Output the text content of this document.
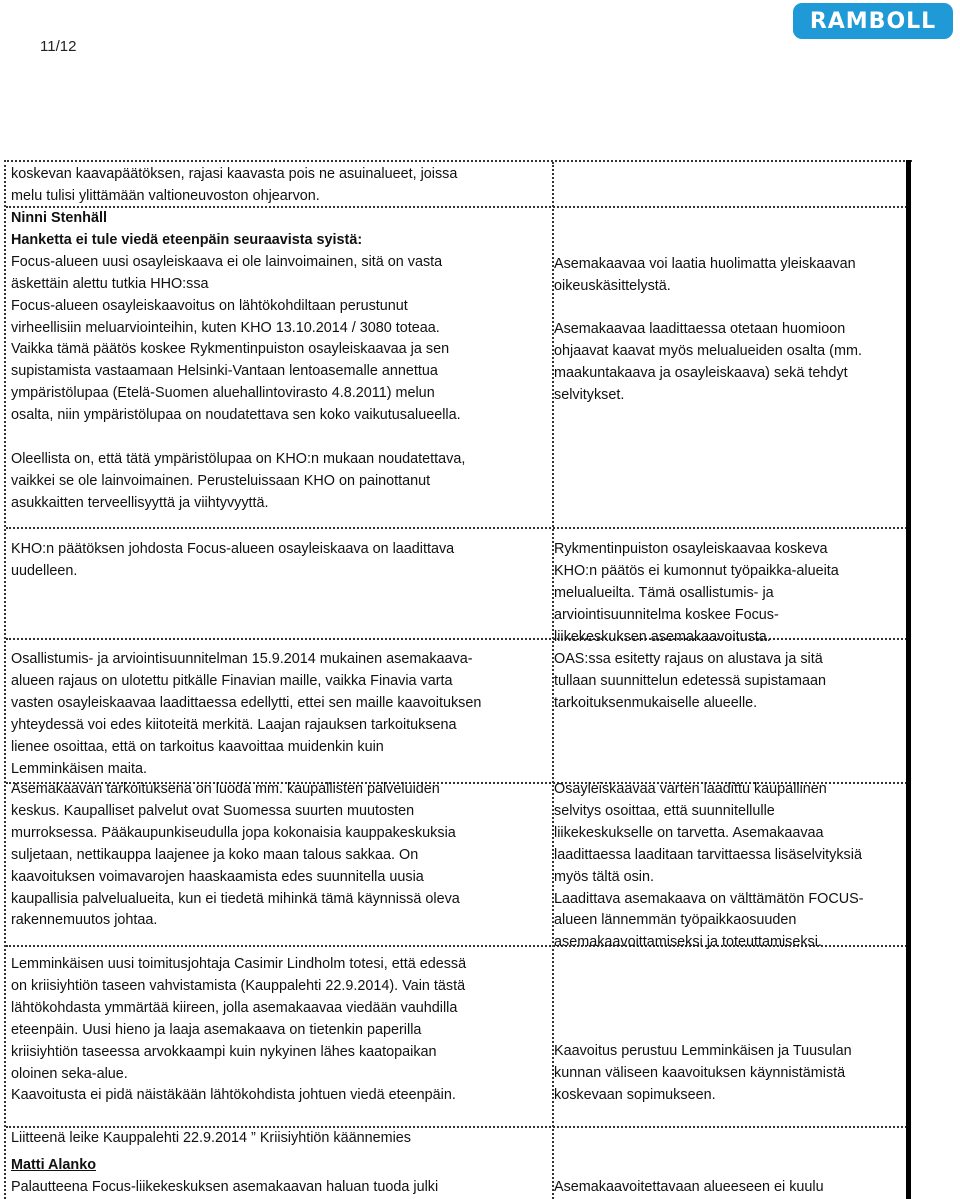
11/12
RAMBOLL

koskevan kaavapäätöksen, rajasi kaavasta pois ne asuinalueet, joissa

melu tulisi ylittämään valtioneuvoston ohjearvon.

Ninni Stenhäll

Hanketta ei tule viedä eteenpäin seuraavista syistä:

Focus-alueen uusi osayleiskaava ei ole lainvoimainen, sitä on vasta

äskettäin alettu tutkia HHO:ssa

Focus-alueen osayleiskaavoitus on lähtökohdiltaan perustunut

virheellisiin meluarviointeihin, kuten KHO 13.10.2014 / 3080 toteaa.

Vaikka tämä päätös koskee Rykmentinpuiston osayleiskaavaa ja sen

supistamista vastaamaan Helsinki-Vantaan lentoasemalle annettua

ympäristölupaa (Etelä-Suomen aluehallintovirasto 4.8.2011) melun

osalta, niin ympäristölupaa on noudatettava sen koko vaikutusalueella.

Oleellista on, että tätä ympäristölupaa on KHO:n mukaan noudatettava,

vaikkei se ole lainvoimainen. Perusteluissaan KHO on painottanut

asukkaitten terveellisyyttä ja viihtyvyyttä.

Asemakaavaa voi laatia huolimatta yleiskaavan

oikeuskäsittelystä.

Asemakaavaa laadittaessa otetaan huomioon

ohjaavat kaavat myös melualueiden osalta (mm.

maakuntakaava ja osayleiskaava) sekä tehdyt

selvitykset.

KHO:n päätöksen johdosta Focus-alueen osayleiskaava on laadittava

uudelleen.

Rykmentinpuiston osayleiskaavaa koskeva

KHO:n päätös ei kumonnut työpaikka-alueita

melualueilta. Tämä osallistumis- ja

arviointisuunnitelma koskee Focus-

liikekeskuksen asemakaavoitusta.

Osallistumis- ja arviointisuunnitelman 15.9.2014 mukainen asemakaava-

alueen rajaus on ulotettu pitkälle Finavian maille, vaikka Finavia varta

vasten osayleiskaavaa laadittaessa edellytti, ettei sen maille kaavoituksen

yhteydessä voi edes kiitoteitä merkitä. Laajan rajauksen tarkoituksena

lienee osoittaa, että on tarkoitus kaavoittaa muidenkin kuin

Lemminkäisen maita.

OAS:ssa esitetty rajaus on alustava ja sitä

tullaan suunnittelun edetessä supistamaan

tarkoituksenmukaiselle alueelle.

Asemakaavan tarkoituksena on luoda mm. kaupallisten palveluiden

keskus. Kaupalliset palvelut ovat Suomessa suurten muutosten

murroksessa. Pääkaupunkiseudulla jopa kokonaisia kauppakeskuksia

suljetaan, nettikauppa laajenee ja koko maan talous sakkaa. On

kaavoituksen voimavarojen haaskaamista edes suunnitella uusia

kaupallisia palvelualueita, kun ei tiedetä mihinkä tämä käynnissä oleva

rakennemuutos johtaa.

Osayleiskaavaa varten laadittu kaupallinen

selvitys osoittaa, että suunnitellulle

liikekeskukselle on tarvetta. Asemakaavaa

laadittaessa laaditaan tarvittaessa lisäselvityksiä

myös tältä osin.

Laadittava asemakaava on välttämätön FOCUS-

alueen lännemmän työpaikkaosuuden

asemakaavoittamiseksi ja toteuttamiseksi.

Lemminkäisen uusi toimitusjohtaja Casimir Lindholm totesi, että edessä

on kriisiyhtiön taseen vahvistamista (Kauppalehti 22.9.2014). Vain tästä

lähtökohdasta ymmärtää kiireen, jolla asemakaavaa viedään vauhdilla

eteenpäin. Uusi hieno ja laaja asemakaava on tietenkin paperilla

kriisiyhtiön taseessa arvokkaampi kuin nykyinen lähes kaatopaikan

oloinen seka-alue.

Kaavoitusta ei pidä näistäkään lähtökohdista johtuen viedä eteenpäin.

Kaavoitus perustuu Lemminkäisen ja Tuusulan

kunnan väliseen kaavoituksen käynnistämistä

koskevaan sopimukseen.

Liitteenä leike Kauppalehti 22.9.2014 ” Kriisiyhtiön käännemies

Matti Alanko

Palautteena Focus-liikekeskuksen asemakaavan haluan tuoda julki	Asemakaavoitettavaan alueeseen ei kuulu
